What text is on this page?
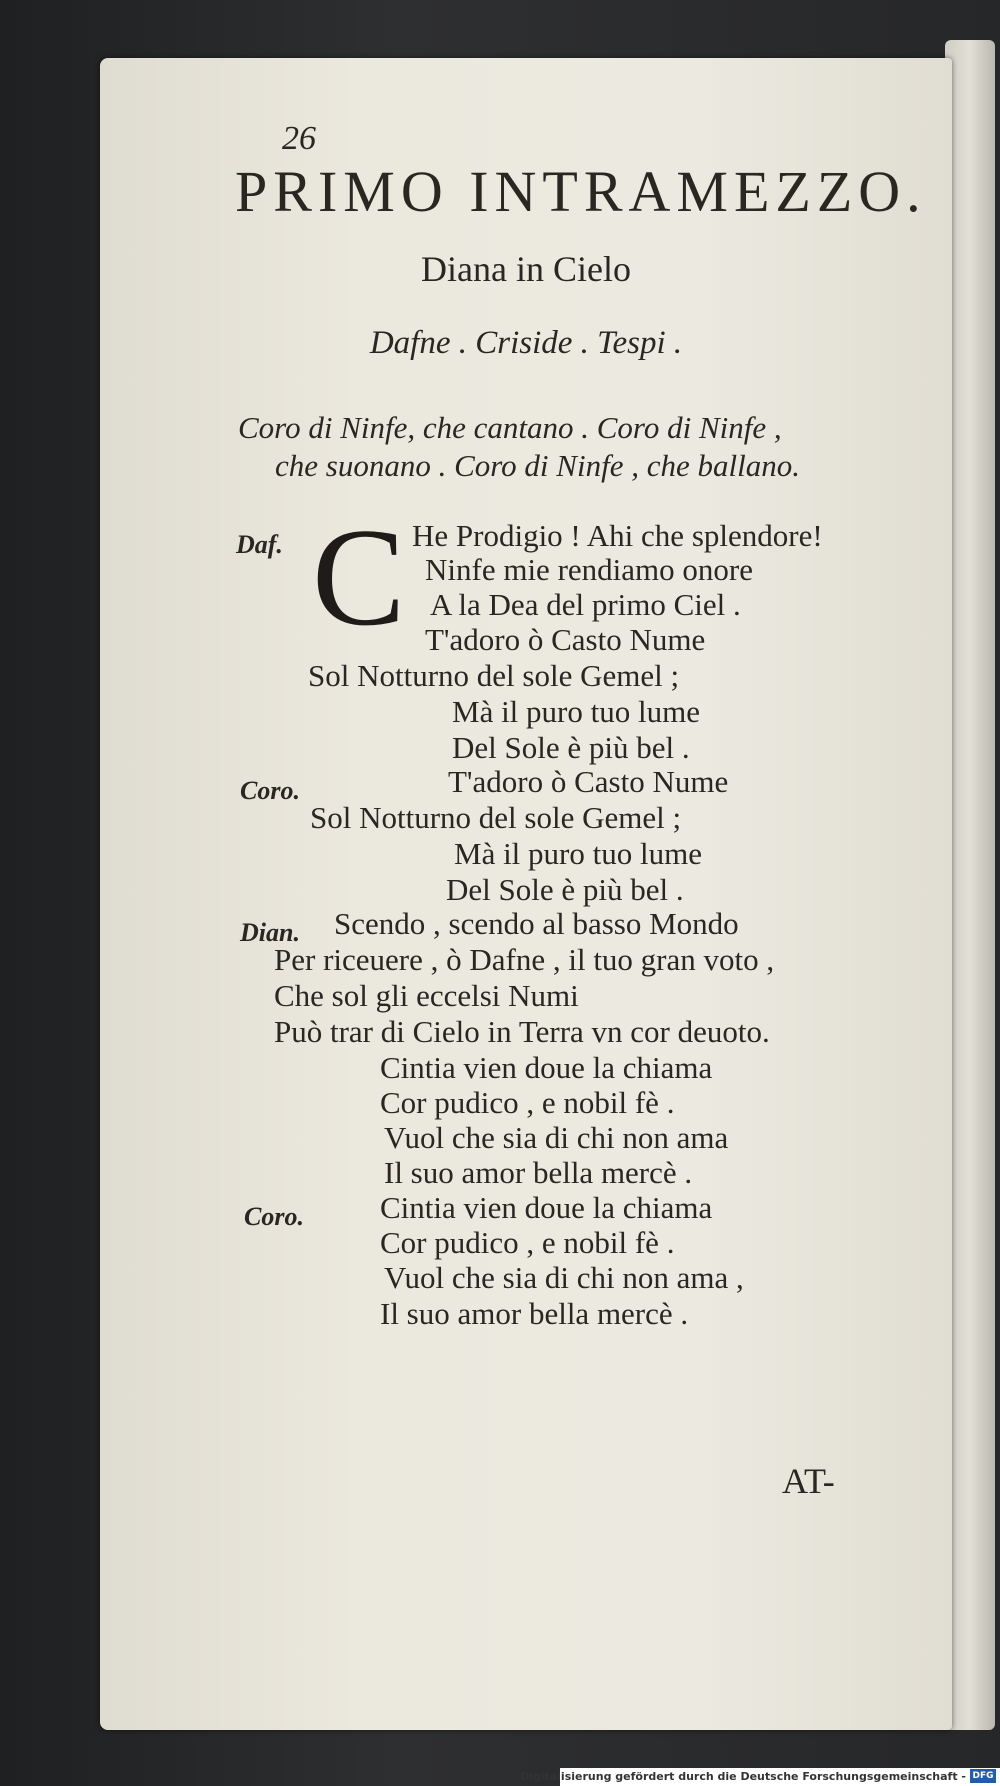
26
PRIMO INTRAMEZZO.
Diana in Cielo
Dafne . Criside . Tespi .
Coro di Ninfe, che cantano . Coro di Ninfe ,
che suonano . Coro di Ninfe , che ballano.
Daf. C He Prodigio ! Ahi che splendore!
Ninfe mie rendiamo onore
A la Dea del primo Ciel .
T'adoro ò Casto Nume
Sol Notturno del sole Gemel ;
Mà il puro tuo lume
Del Sole è più bel .
Coro.	T'adoro ò Casto Nume
Sol Notturno del sole Gemel ;
Mà il puro tuo lume
Del Sole è più bel .
Dian. Scendo , scendo al basso Mondo
Per riceuere , ò Dafne , il tuo gran voto ,
Che sol gli eccelsi Numi
Può trar di Cielo in Terra vn cor deuoto.
Cintia vien doue la chiama
Cor pudico , e nobil fè .
Vuol che sia di chi non ama
Il suo amor bella mercè .
Coro. Cintia vien doue la chiama
Cor pudico , e nobil fè .
Vuol che sia di chi non ama ,
Il suo amor bella mercè .
AT-
Digitalisierung gefördert durch die Deutsche Forschungsgemeinschaft - DFG
